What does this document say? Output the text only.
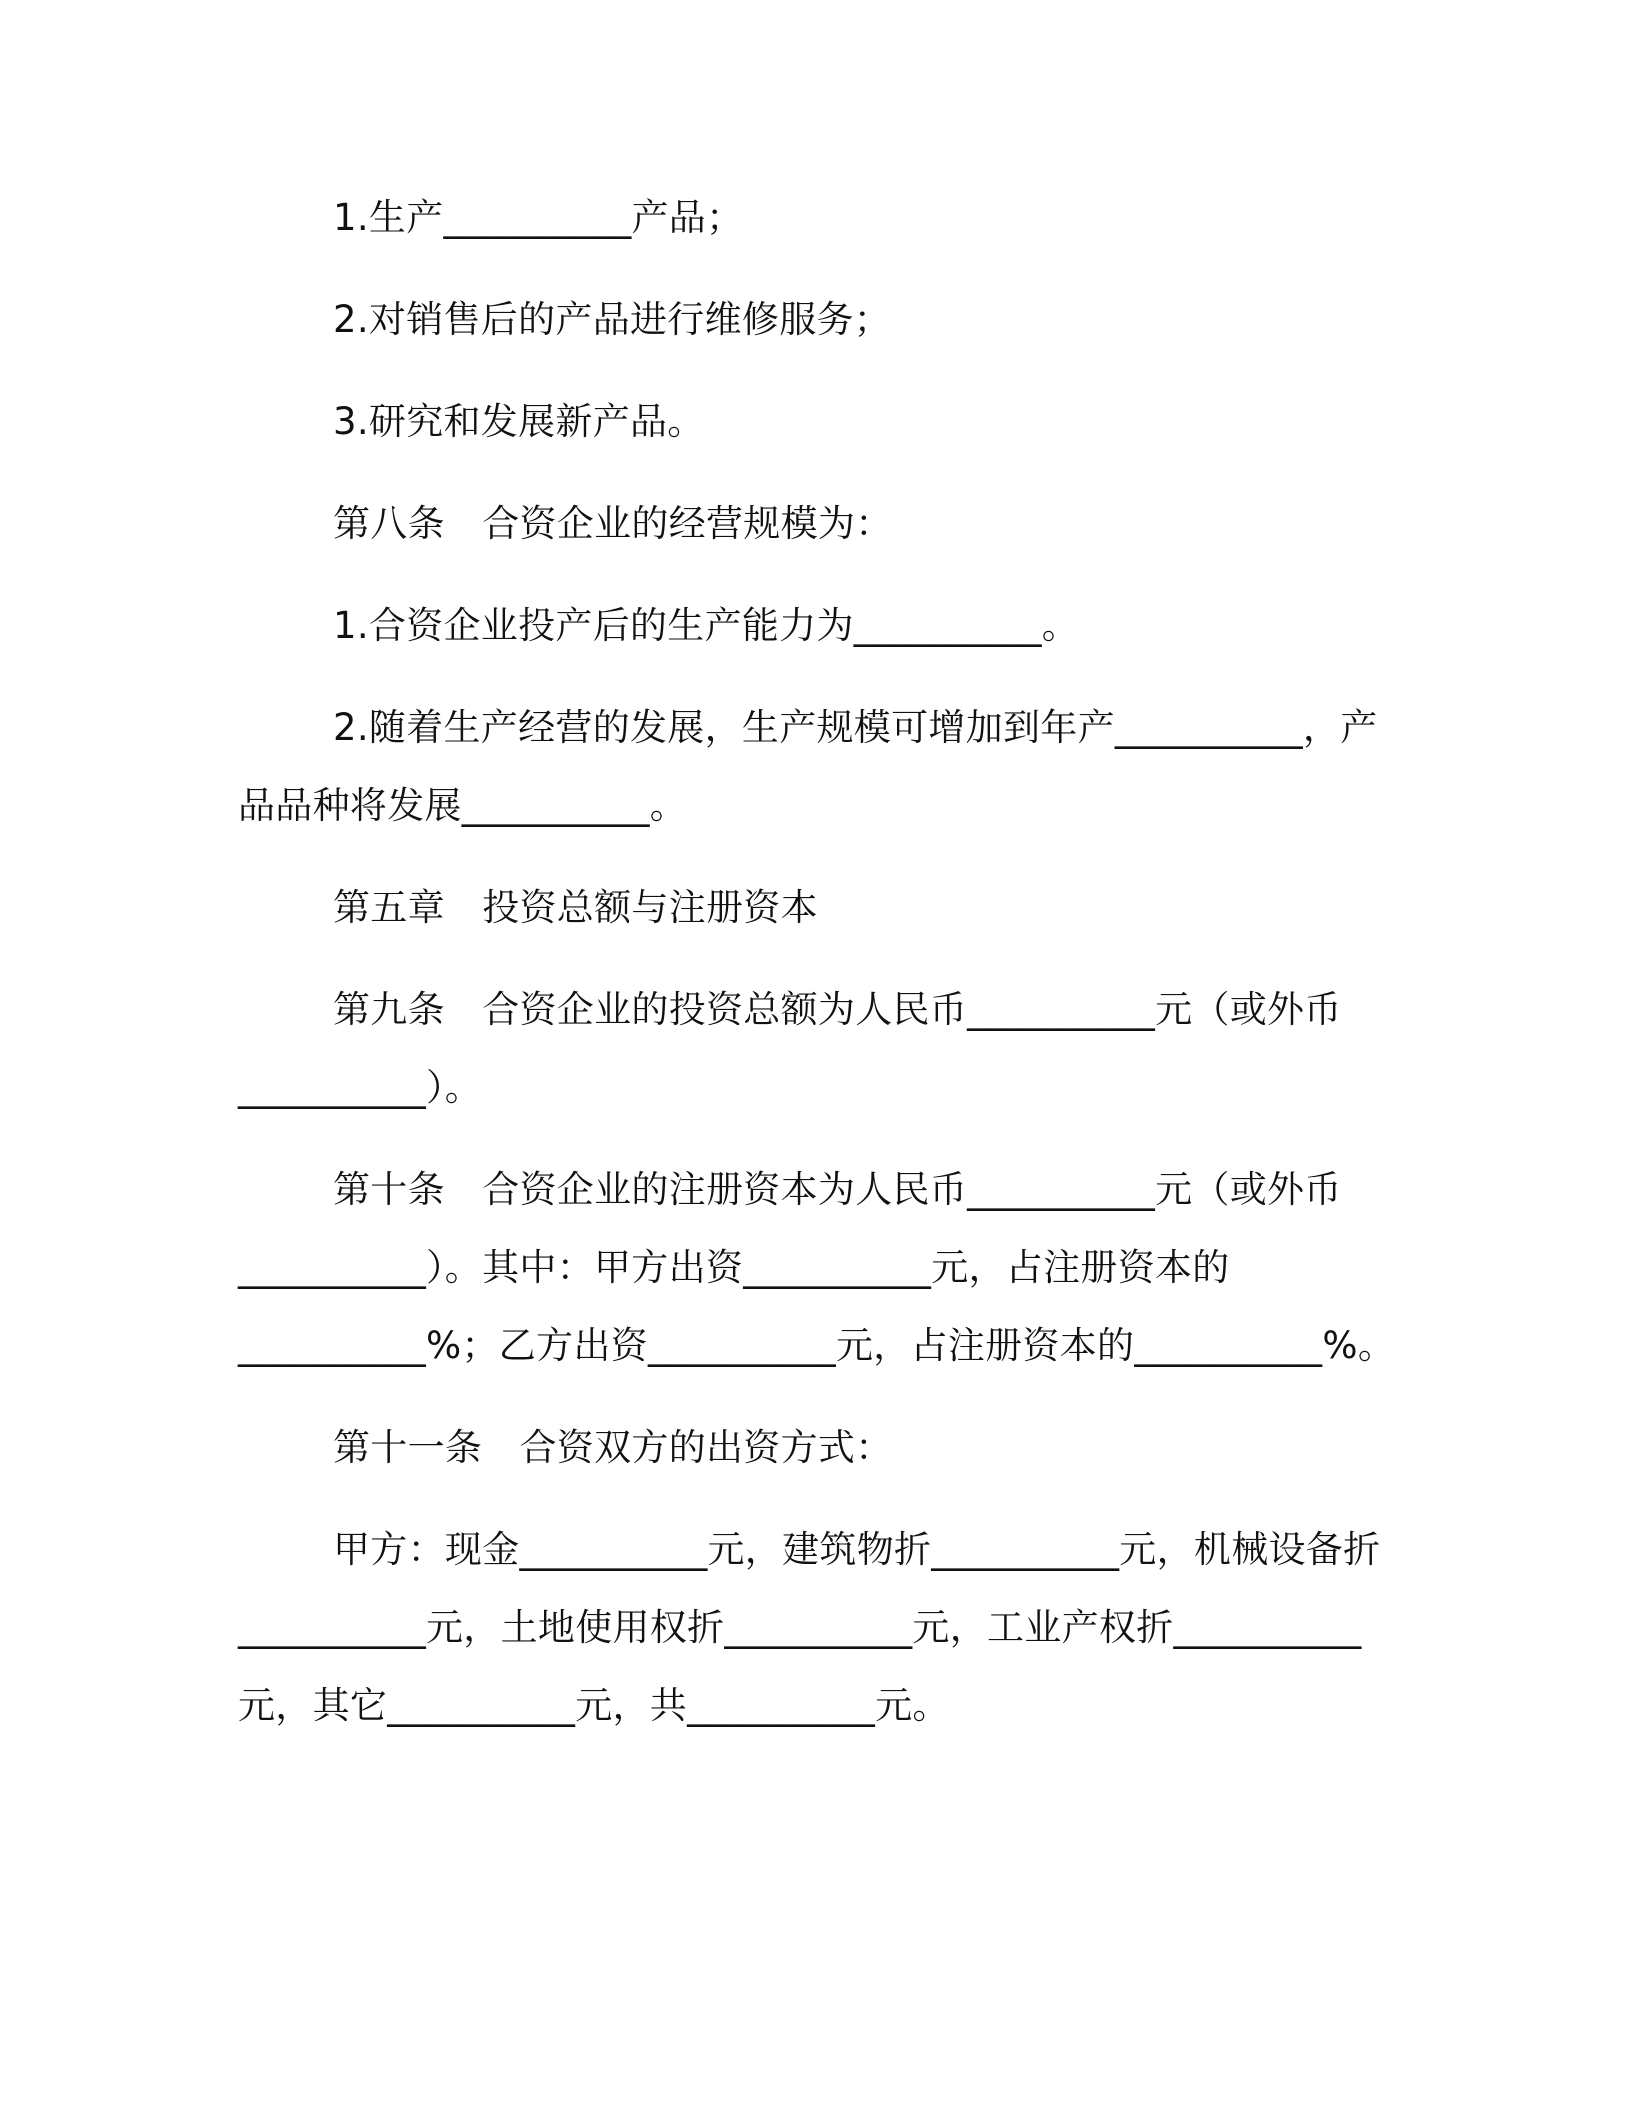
1.生产__________产品；
2.对销售后的产品进行维修服务；
3.研究和发展新产品。
第八条　合资企业的经营规模为：
1.合资企业投产后的生产能力为__________。
2.随着生产经营的发展，生产规模可增加到年产__________，产
品品种将发展__________。
第五章　投资总额与注册资本
第九条　合资企业的投资总额为人民币__________元（或外币
__________）。
第十条　合资企业的注册资本为人民币__________元（或外币
__________）。其中：甲方出资__________元，占注册资本的
__________%；乙方出资__________元，占注册资本的__________%。
第十一条　合资双方的出资方式：
甲方：现金__________元，建筑物折__________元，机械设备折
__________元，土地使用权折__________元，工业产权折__________
元，其它__________元，共__________元。
